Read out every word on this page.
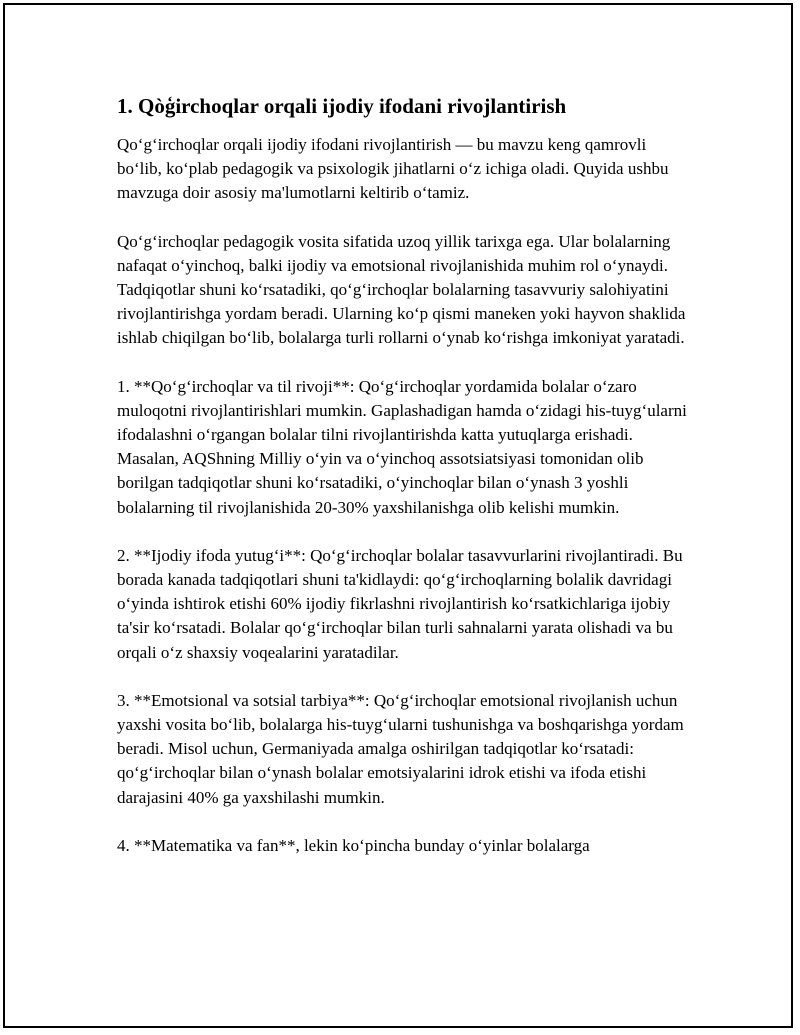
1. Qòģirchoqlar orqali ijodiy ifodani rivojlantirish

Qo‘g‘irchoqlar orqali ijodiy ifodani rivojlantirish — bu mavzu keng qamrovli bo‘lib, ko‘plab pedagogik va psixologik jihatlarni o‘z ichiga oladi. Quyida ushbu mavzuga doir asosiy ma'lumotlarni keltirib o‘tamiz.

Qo‘g‘irchoqlar pedagogik vosita sifatida uzoq yillik tarixga ega. Ular bolalarning nafaqat o‘yinchoq, balki ijodiy va emotsional rivojlanishida muhim rol o‘ynaydi. Tadqiqotlar shuni ko‘rsatadiki, qo‘g‘irchoqlar bolalarning tasavvuriy salohiyatini rivojlantirishga yordam beradi. Ularning ko‘p qismi maneken yoki hayvon shaklida ishlab chiqilgan bo‘lib, bolalarga turli rollarni o‘ynab ko‘rishga imkoniyat yaratadi.

1. **Qo‘g‘irchoqlar va til rivoji**: Qo‘g‘irchoqlar yordamida bolalar o‘zaro muloqotni rivojlantirishlari mumkin. Gaplashadigan hamda o‘zidagi his-tuyg‘ularni ifodalashni o‘rgangan bolalar tilni rivojlantirishda katta yutuqlarga erishadi. Masalan, AQShning Milliy o‘yin va o‘yinchoq assotsiatsiyasi tomonidan olib borilgan tadqiqotlar shuni ko‘rsatadiki, o‘yinchoqlar bilan o‘ynash 3 yoshli bolalarning til rivojlanishida 20-30% yaxshilanishga olib kelishi mumkin.

2. **Ijodiy ifoda yutug‘i**: Qo‘g‘irchoqlar bolalar tasavvurlarini rivojlantiradi. Bu borada kanada tadqiqotlari shuni ta'kidlaydi: qo‘g‘irchoqlarning bolalik davridagi o‘yinda ishtirok etishi 60% ijodiy fikrlashni rivojlantirish ko‘rsatkichlariga ijobiy ta'sir ko‘rsatadi. Bolalar qo‘g‘irchoqlar bilan turli sahnalarni yarata olishadi va bu orqali o‘z shaxsiy voqealarini yaratadilar.

3. **Emotsional va sotsial tarbiya**: Qo‘g‘irchoqlar emotsional rivojlanish uchun yaxshi vosita bo‘lib, bolalarga his-tuyg‘ularni tushunishga va boshqarishga yordam beradi. Misol uchun, Germaniyada amalga oshirilgan tadqiqotlar ko‘rsatadi: qo‘g‘irchoqlar bilan o‘ynash bolalar emotsiyalarini idrok etishi va ifoda etishi darajasini 40% ga yaxshilashi mumkin.

4. **Matematika va fan**, lekin ko‘pincha bunday o‘yinlar bolalarga
